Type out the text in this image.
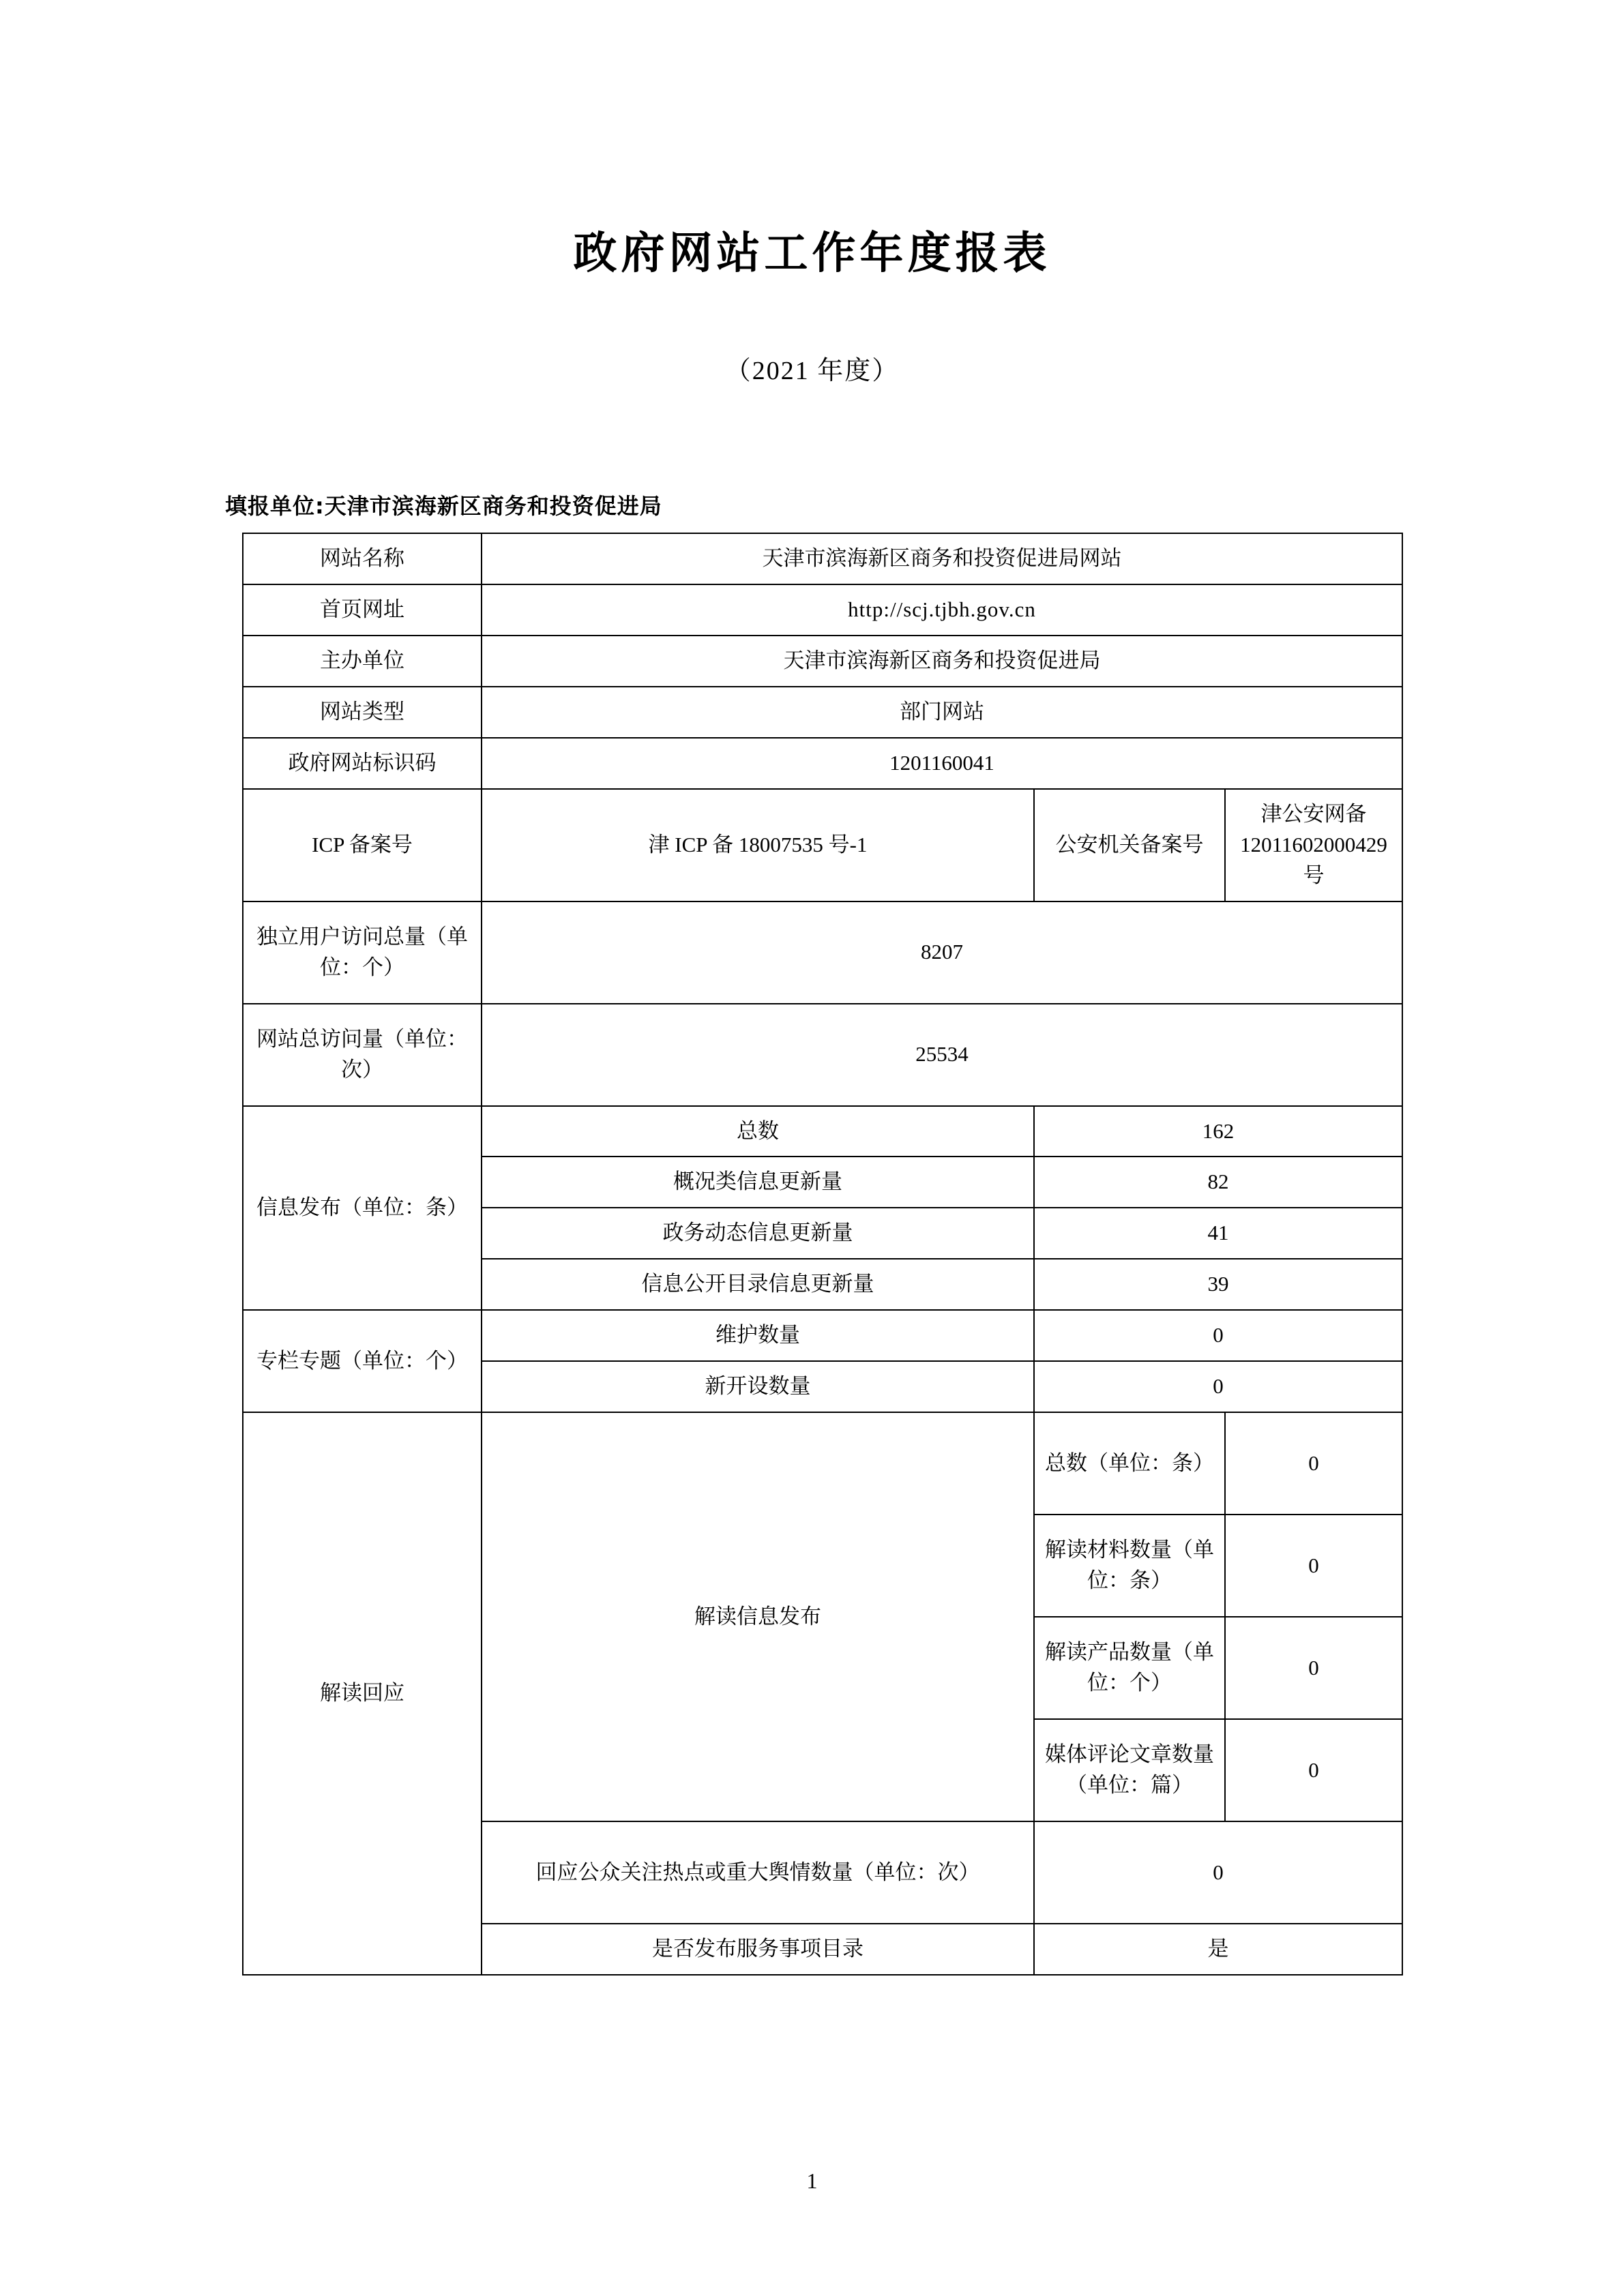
政府网站工作年度报表
（2021 年度）
填报单位:天津市滨海新区商务和投资促进局
网站名称	天津市滨海新区商务和投资促进局网站		
首页网址	http://scj.tjbh.gov.cn		
主办单位	天津市滨海新区商务和投资促进局		
网站类型	部门网站		
政府网站标识码	1201160041		
ICP 备案号	津 ICP 备 18007535 号-1	公安机关备案号	津公安网备 12011602000429 号
独立用户访问总量（单位：个）	8207		
网站总访问量（单位：次）	25534		
信息发布（单位：条）	总数	162	
	概况类信息更新量	82	
	政务动态信息更新量	41	
	信息公开目录信息更新量	39	
专栏专题（单位：个）	维护数量	0	
	新开设数量	0	
解读回应	解读信息发布	总数（单位：条）	0
		解读材料数量（单位：条）	0
		解读产品数量（单位：个）	0
		媒体评论文章数量（单位：篇）	0
	回应公众关注热点或重大舆情数量（单位：次）	0	
	是否发布服务事项目录	是	
1
